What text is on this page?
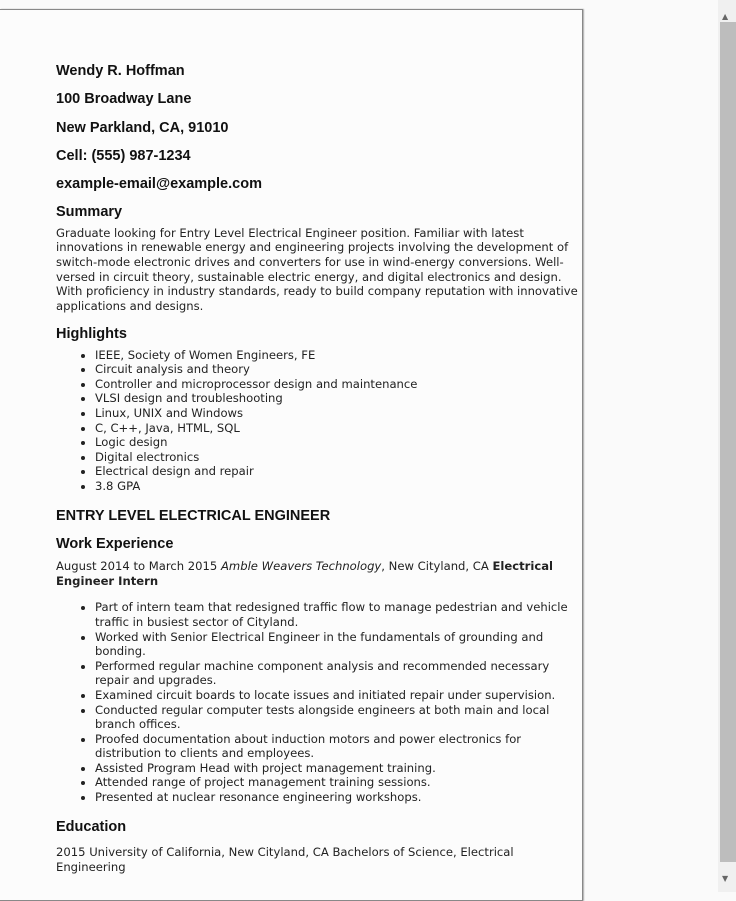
Wendy R. Hoffman
100 Broadway Lane
New Parkland, CA, 91010
Cell: (555) 987-1234
example-email@example.com
Summary

Graduate looking for Entry Level Electrical Engineer position. Familiar with latest innovations in renewable energy and engineering projects involving the development of switch-mode electronic drives and converters for use in wind-energy conversions. Well-versed in circuit theory, sustainable electric energy, and digital electronics and design. With proficiency in industry standards, ready to build company reputation with innovative applications and designs.

Highlights
• IEEE, Society of Women Engineers, FE
• Circuit analysis and theory
• Controller and microprocessor design and maintenance
• VLSI design and troubleshooting
• Linux, UNIX and Windows
• C, C++, Java, HTML, SQL
• Logic design
• Digital electronics
• Electrical design and repair
• 3.8 GPA
ENTRY LEVEL ELECTRICAL ENGINEER
Work Experience

August 2014 to March 2015 Amble Weavers Technology, New Cityland, CA Electrical Engineer Intern

• Part of intern team that redesigned traffic flow to manage pedestrian and vehicle traffic in busiest sector of Cityland.
• Worked with Senior Electrical Engineer in the fundamentals of grounding and bonding.
• Performed regular machine component analysis and recommended necessary repair and upgrades.
• Examined circuit boards to locate issues and initiated repair under supervision.
• Conducted regular computer tests alongside engineers at both main and local branch offices.
• Proofed documentation about induction motors and power electronics for distribution to clients and employees.
• Assisted Program Head with project management training.
• Attended range of project management training sessions.
• Presented at nuclear resonance engineering workshops.
Education

2015 University of California, New Cityland, CA Bachelors of Science, Electrical Engineering

▲
▼
